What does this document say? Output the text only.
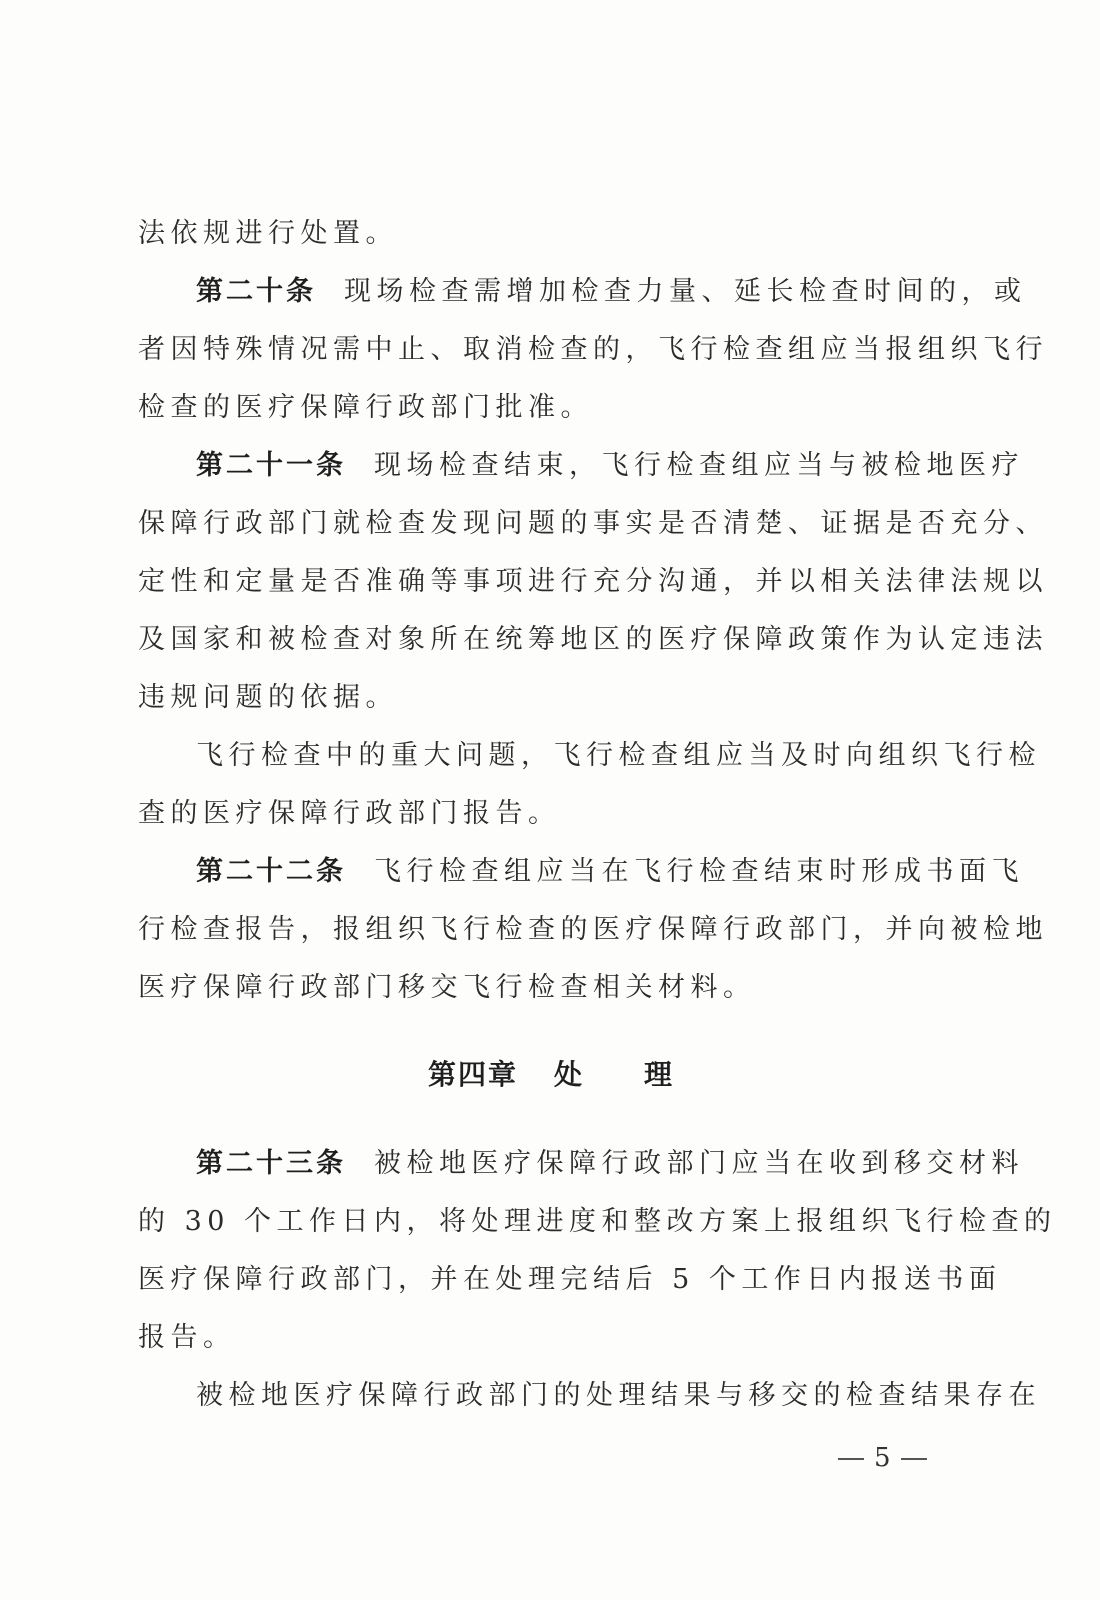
法依规进行处置。
第二十条 现场检查需增加检查力量、延长检查时间的，或
者因特殊情况需中止、取消检查的，飞行检查组应当报组织飞行
检查的医疗保障行政部门批准。
第二十一条 现场检查结束，飞行检查组应当与被检地医疗
保障行政部门就检查发现问题的事实是否清楚、证据是否充分、
定性和定量是否准确等事项进行充分沟通，并以相关法律法规以
及国家和被检查对象所在统筹地区的医疗保障政策作为认定违法
违规问题的依据。
飞行检查中的重大问题，飞行检查组应当及时向组织飞行检
查的医疗保障行政部门报告。
第二十二条 飞行检查组应当在飞行检查结束时形成书面飞
行检查报告，报组织飞行检查的医疗保障行政部门，并向被检地
医疗保障行政部门移交飞行检查相关材料。
第四章 处 理
第二十三条 被检地医疗保障行政部门应当在收到移交材料
的 30 个工作日内，将处理进度和整改方案上报组织飞行检查的
医疗保障行政部门，并在处理完结后 5 个工作日内报送书面
报告。
被检地医疗保障行政部门的处理结果与移交的检查结果存在
5
